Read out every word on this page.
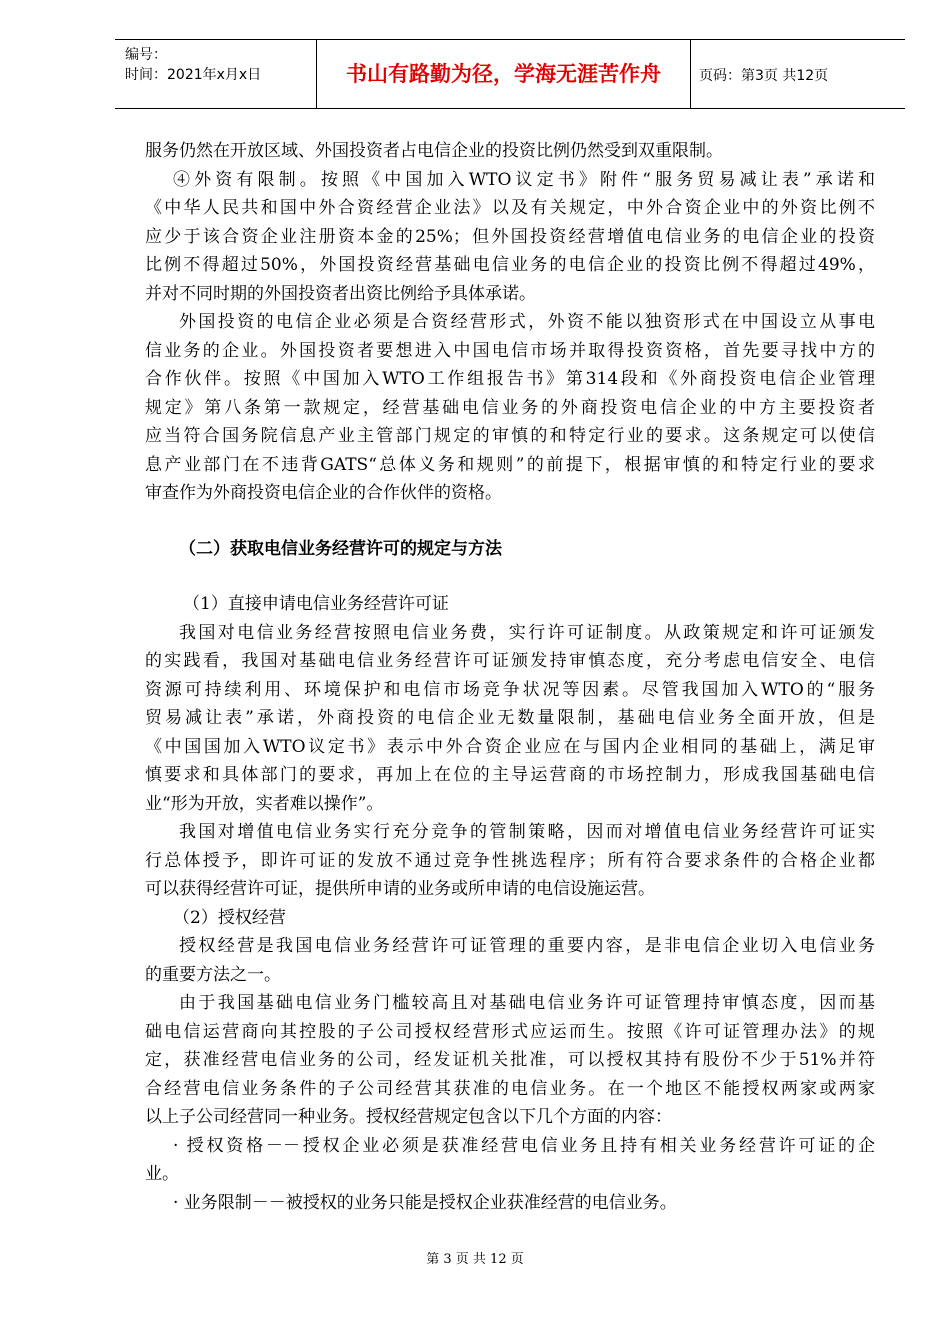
编号：
时间：2021年x月x日	书山有路勤为径，学海无涯苦作舟	页码：第3页 共12页
服务仍然在开放区域、外国投资者占电信企业的投资比例仍然受到双重限制。
④外资有限制。按照《中国加入WTO议定书》附件“服务贸易减让表”承诺和
《中华人民共和国中外合资经营企业法》以及有关规定，中外合资企业中的外资比例不
应少于该合资企业注册资本金的25%；但外国投资经营增值电信业务的电信企业的投资
比例不得超过50%，外国投资经营基础电信业务的电信企业的投资比例不得超过49%，
并对不同时期的外国投资者出资比例给予具体承诺。
外国投资的电信企业必须是合资经营形式，外资不能以独资形式在中国设立从事电
信业务的企业。外国投资者要想进入中国电信市场并取得投资资格，首先要寻找中方的
合作伙伴。按照《中国加入WTO工作组报告书》第314段和《外商投资电信企业管理
规定》第八条第一款规定，经营基础电信业务的外商投资电信企业的中方主要投资者
应当符合国务院信息产业主管部门规定的审慎的和特定行业的要求。这条规定可以使信
息产业部门在不违背GATS“总体义务和规则”的前提下，根据审慎的和特定行业的要求
审查作为外商投资电信企业的合作伙伴的资格。
（二）获取电信业务经营许可的规定与方法
（1）直接申请电信业务经营许可证
我国对电信业务经营按照电信业务费，实行许可证制度。从政策规定和许可证颁发
的实践看，我国对基础电信业务经营许可证颁发持审慎态度，充分考虑电信安全、电信
资源可持续利用、环境保护和电信市场竞争状况等因素。尽管我国加入WTO的“服务
贸易减让表”承诺，外商投资的电信企业无数量限制，基础电信业务全面开放，但是
《中国国加入WTO议定书》表示中外合资企业应在与国内企业相同的基础上，满足审
慎要求和具体部门的要求，再加上在位的主导运营商的市场控制力，形成我国基础电信
业“形为开放，实者难以操作”。
我国对增值电信业务实行充分竞争的管制策略，因而对增值电信业务经营许可证实
行总体授予，即许可证的发放不通过竞争性挑选程序；所有符合要求条件的合格企业都
可以获得经营许可证，提供所申请的业务或所申请的电信设施运营。
（2）授权经营
授权经营是我国电信业务经营许可证管理的重要内容，是非电信企业切入电信业务
的重要方法之一。
由于我国基础电信业务门槛较高且对基础电信业务许可证管理持审慎态度，因而基
础电信运营商向其控股的子公司授权经营形式应运而生。按照《许可证管理办法》的规
定，获准经营电信业务的公司，经发证机关批准，可以授权其持有股份不少于51%并符
合经营电信业务条件的子公司经营其获准的电信业务。在一个地区不能授权两家或两家
以上子公司经营同一种业务。授权经营规定包含以下几个方面的内容：
· 授权资格－－授权企业必须是获准经营电信业务且持有相关业务经营许可证的企
业。
· 业务限制－－被授权的业务只能是授权企业获准经营的电信业务。
第 3 页 共 12 页
